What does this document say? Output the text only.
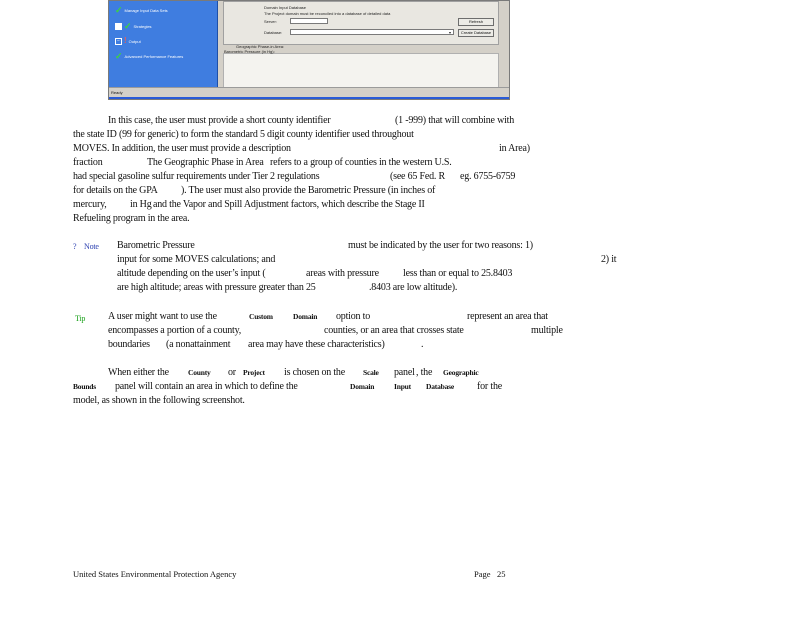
✓ Manage Input Data Sets
✓ Strategies
− ! Output
✓ Advanced Performance Features
Domain Input Database
The Project domain must be reconciled into a database of detailed data
Server:
Database:	▾
Refresh
Create Database
Geographic Phase-in Area:
Barometric Pressure (in Hg):
Ready
In this case, the user must provide a short county identifier	(1 -999) that will combine with
the state ID (99 for generic) to form the standard 5 digit county identifier used throughout
MOVES. In addition, the user must provide a description	in Area)
fraction	The Geographic Phase in Area refers to a group of counties in the western U.S.
had special gasoline sulfur requirements under Tier 2 regulations	(see 65 Fed. R eg. 6755-6759
for details on the GPA ). The user must also provide the Barometric Pressure (in inches of
mercury, in Hg and the Vapor and Spill Adjustment factors, which describe the Stage II
Refueling program in the area.
? Note Barometric Pressure	must be indicated by the user for two reasons: 1)
input for some MOVES calculations; and	2) it
altitude depending on the user’s input (	areas with pressure less than or equal to 25.8403
are high altitude; areas with pressure greater than 25	.8403 are low altitude).
Tip A user might want to use the	Custom	Domain option to	represent an area that
encompasses a portion of a county,	counties, or an area that crosses state	multiple
boundaries (a nonattainment area may have these characteristics)	.
When either the	County or Project is chosen on the Scale panel , the Geographic
Bounds panel will contain an area in which to define the	Domain	Input Database for the
model, as shown in the following screenshot.
United States Environmental Protection Agency	Page 25
